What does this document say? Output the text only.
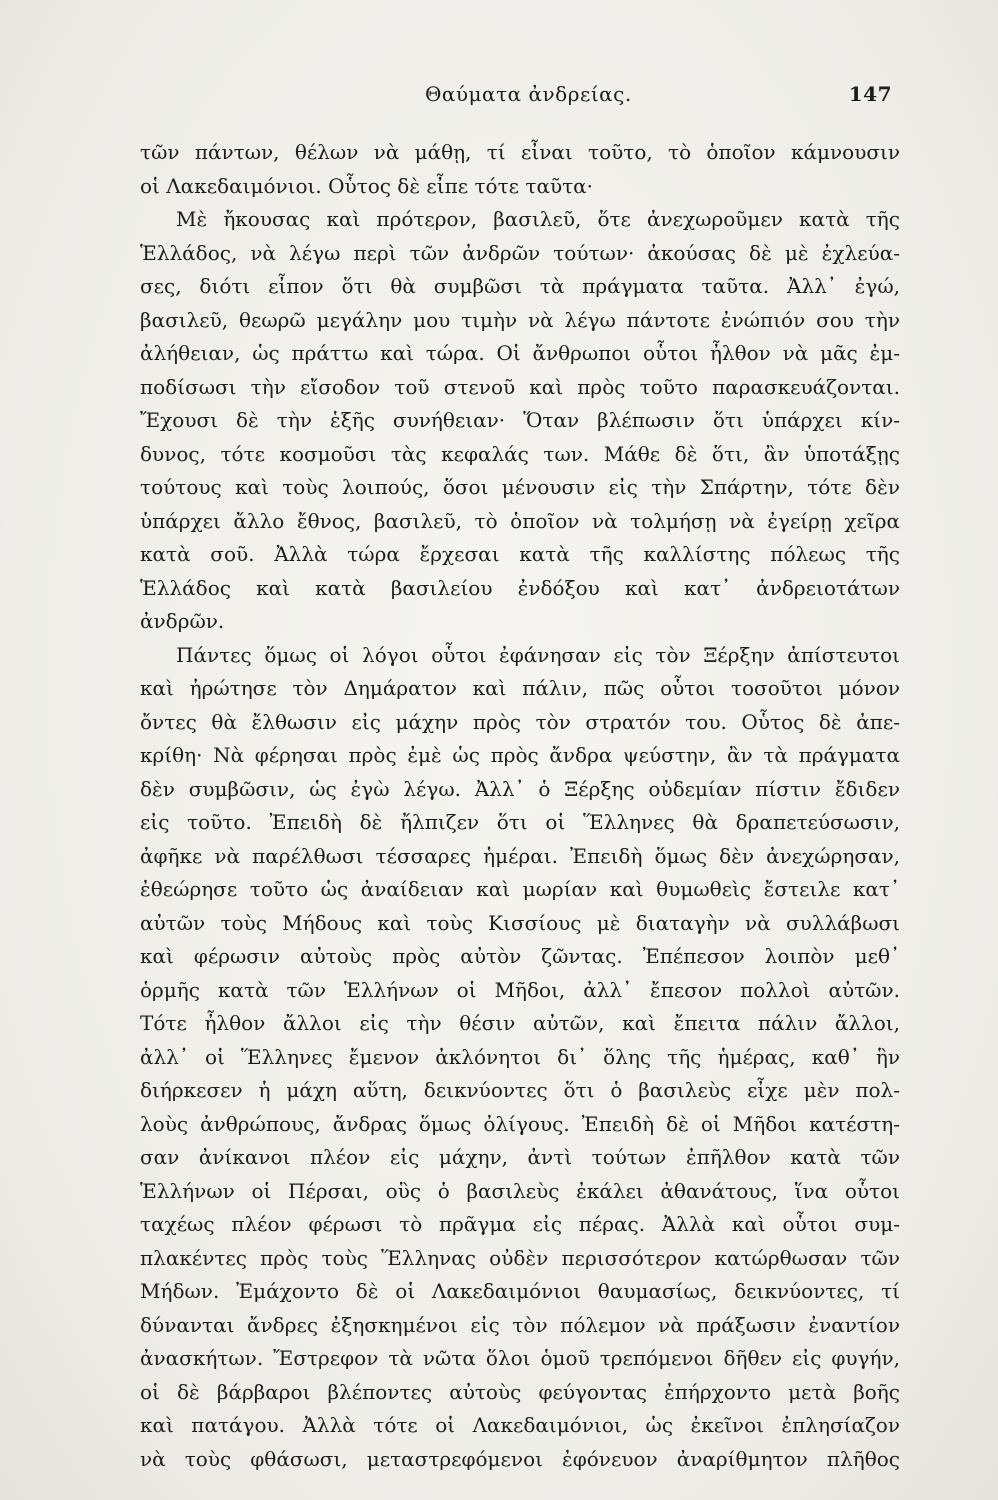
Θαύματα ἀνδρείας.	147
τῶν πάντων, θέλων νὰ μάθῃ, τί εἶναι τοῦτο, τὸ ὁποῖον κάμνουσιν
οἱ Λακεδαιμόνιοι. Οὗτος δὲ εἶπε τότε ταῦτα·
Μὲ ἤκουσας καὶ πρότερον, βασιλεῦ, ὅτε ἀνεχωροῦμεν κατὰ τῆς
Ἑλλάδος, νὰ λέγω περὶ τῶν ἀνδρῶν τούτων· ἀκούσας δὲ μὲ ἐχλεύα-
σες, διότι εἶπον ὅτι θὰ συμβῶσι τὰ πράγματα ταῦτα. Ἀλλ᾽ ἐγώ,
βασιλεῦ, θεωρῶ μεγάλην μου τιμὴν νὰ λέγω πάντοτε ἐνώπιόν σου τὴν
ἀλήθειαν, ὡς πράττω καὶ τώρα. Οἱ ἄνθρωποι οὗτοι ἦλθον νὰ μᾶς ἐμ-
ποδίσωσι τὴν εἴσοδον τοῦ στενοῦ καὶ πρὸς τοῦτο παρασκευάζονται.
Ἔχουσι δὲ τὴν ἑξῆς συνήθειαν· Ὅταν βλέπωσιν ὅτι ὑπάρχει κίν-
δυνος, τότε κοσμοῦσι τὰς κεφαλάς των. Μάθε δὲ ὅτι, ἂν ὑποτάξῃς
τούτους καὶ τοὺς λοιπούς, ὅσοι μένουσιν εἰς τὴν Σπάρτην, τότε δὲν
ὑπάρχει ἄλλο ἔθνος, βασιλεῦ, τὸ ὁποῖον νὰ τολμήσῃ νὰ ἐγείρῃ χεῖρα
κατὰ σοῦ. Ἀλλὰ τώρα ἔρχεσαι κατὰ τῆς καλλίστης πόλεως τῆς
Ἑλλάδος καὶ κατὰ βασιλείου ἐνδόξου καὶ κατ᾽ ἀνδρειοτάτων
ἀνδρῶν.
Πάντες ὅμως οἱ λόγοι οὗτοι ἐφάνησαν εἰς τὸν Ξέρξην ἀπίστευτοι
καὶ ἠρώτησε τὸν Δημάρατον καὶ πάλιν, πῶς οὗτοι τοσοῦτοι μόνον
ὄντες θὰ ἔλθωσιν εἰς μάχην πρὸς τὸν στρατόν του. Οὗτος δὲ ἀπε-
κρίθη· Νὰ φέρησαι πρὸς ἐμὲ ὡς πρὸς ἄνδρα ψεύστην, ἂν τὰ πράγματα
δὲν συμβῶσιν, ὡς ἐγὼ λέγω. Ἀλλ᾽ ὁ Ξέρξης οὐδεμίαν πίστιν ἔδιδεν
εἰς τοῦτο. Ἐπειδὴ δὲ ἤλπιζεν ὅτι οἱ Ἕλληνες θὰ δραπετεύσωσιν,
ἀφῆκε νὰ παρέλθωσι τέσσαρες ἡμέραι. Ἐπειδὴ ὅμως δὲν ἀνεχώρησαν,
ἐθεώρησε τοῦτο ὡς ἀναίδειαν καὶ μωρίαν καὶ θυμωθεὶς ἔστειλε κατ᾽
αὐτῶν τοὺς Μήδους καὶ τοὺς Κισσίους μὲ διαταγὴν νὰ συλλάβωσι
καὶ φέρωσιν αὐτοὺς πρὸς αὐτὸν ζῶντας. Ἐπέπεσον λοιπὸν μεθ᾽
ὁρμῆς κατὰ τῶν Ἑλλήνων οἱ Μῆδοι, ἀλλ᾽ ἔπεσον πολλοὶ αὐτῶν.
Τότε ἦλθον ἄλλοι εἰς τὴν θέσιν αὐτῶν, καὶ ἔπειτα πάλιν ἄλλοι,
ἀλλ᾽ οἱ Ἕλληνες ἔμενον ἀκλόνητοι δι᾽ ὅλης τῆς ἡμέρας, καθ᾽ ἣν
διήρκεσεν ἡ μάχη αὕτη, δεικνύοντες ὅτι ὁ βασιλεὺς εἶχε μὲν πολ-
λοὺς ἀνθρώπους, ἄνδρας ὅμως ὀλίγους. Ἐπειδὴ δὲ οἱ Μῆδοι κατέστη-
σαν ἀνίκανοι πλέον εἰς μάχην, ἀντὶ τούτων ἐπῆλθον κατὰ τῶν
Ἑλλήνων οἱ Πέρσαι, οὓς ὁ βασιλεὺς ἐκάλει ἀθανάτους, ἵνα οὗτοι
ταχέως πλέον φέρωσι τὸ πρᾶγμα εἰς πέρας. Ἀλλὰ καὶ οὗτοι συμ-
πλακέντες πρὸς τοὺς Ἕλληνας οὐδὲν περισσότερον κατώρθωσαν τῶν
Μήδων. Ἐμάχοντο δὲ οἱ Λακεδαιμόνιοι θαυμασίως, δεικνύοντες, τί
δύνανται ἄνδρες ἐξησκημένοι εἰς τὸν πόλεμον νὰ πράξωσιν ἐναντίον
ἀνασκήτων. Ἔστρεφον τὰ νῶτα ὅλοι ὁμοῦ τρεπόμενοι δῆθεν εἰς φυγήν,
οἱ δὲ βάρβαροι βλέποντες αὐτοὺς φεύγοντας ἐπήρχοντο μετὰ βοῆς
καὶ πατάγου. Ἀλλὰ τότε οἱ Λακεδαιμόνιοι, ὡς ἐκεῖνοι ἐπλησίαζον
νὰ τοὺς φθάσωσι, μεταστρεφόμενοι ἐφόνευον ἀναρίθμητον πλῆθος
